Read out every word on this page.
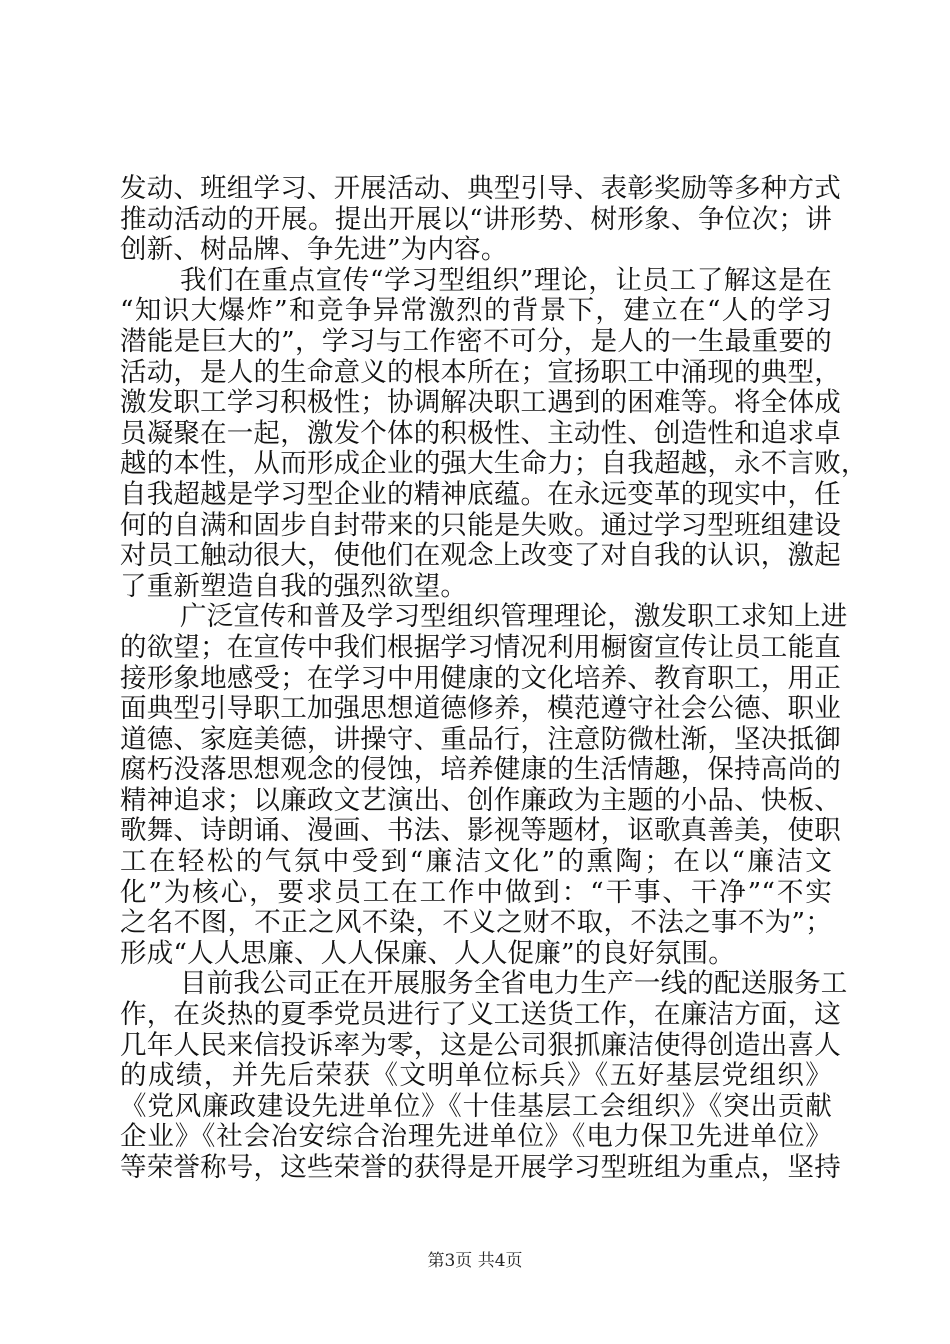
发动、班组学习、开展活动、典型引导、表彰奖励等多种方式
推动活动的开展。提出开展以“讲形势、树形象、争位次；讲
创新、树品牌、争先进”为内容。
我们在重点宣传“学习型组织”理论，让员工了解这是在
“知识大爆炸”和竞争异常激烈的背景下，建立在“人的学习
潜能是巨大的”，学习与工作密不可分，是人的一生最重要的
活动，是人的生命意义的根本所在；宣扬职工中涌现的典型，
激发职工学习积极性；协调解决职工遇到的困难等。将全体成
员凝聚在一起，激发个体的积极性、主动性、创造性和追求卓
越的本性，从而形成企业的强大生命力；自我超越，永不言败，
自我超越是学习型企业的精神底蕴。在永远变革的现实中，任
何的自满和固步自封带来的只能是失败。通过学习型班组建设
对员工触动很大，使他们在观念上改变了对自我的认识，激起
了重新塑造自我的强烈欲望。
广泛宣传和普及学习型组织管理理论，激发职工求知上进
的欲望；在宣传中我们根据学习情况利用橱窗宣传让员工能直
接形象地感受；在学习中用健康的文化培养、教育职工，用正
面典型引导职工加强思想道德修养，模范遵守社会公德、职业
道德、家庭美德，讲操守、重品行，注意防微杜渐，坚决抵御
腐朽没落思想观念的侵蚀，培养健康的生活情趣，保持高尚的
精神追求；以廉政文艺演出、创作廉政为主题的小品、快板、
歌舞、诗朗诵、漫画、书法、影视等题材，讴歌真善美，使职
工在轻松的气氛中受到“廉洁文化”的熏陶；在以“廉洁文
化”为核心，要求员工在工作中做到：“干事、干净”“不实
之名不图，不正之风不染，不义之财不取，不法之事不为”；
形成“人人思廉、人人保廉、人人促廉”的良好氛围。
目前我公司正在开展服务全省电力生产一线的配送服务工
作，在炎热的夏季党员进行了义工送货工作，在廉洁方面，这
几年人民来信投诉率为零，这是公司狠抓廉洁使得创造出喜人
的成绩，并先后荣获《文明单位标兵》《五好基层党组织》
《党风廉政建设先进单位》《十佳基层工会组织》《突出贡献
企业》《社会冶安综合治理先进单位》《电力保卫先进单位》
等荣誉称号，这些荣誉的获得是开展学习型班组为重点，坚持
第3页 共4页
